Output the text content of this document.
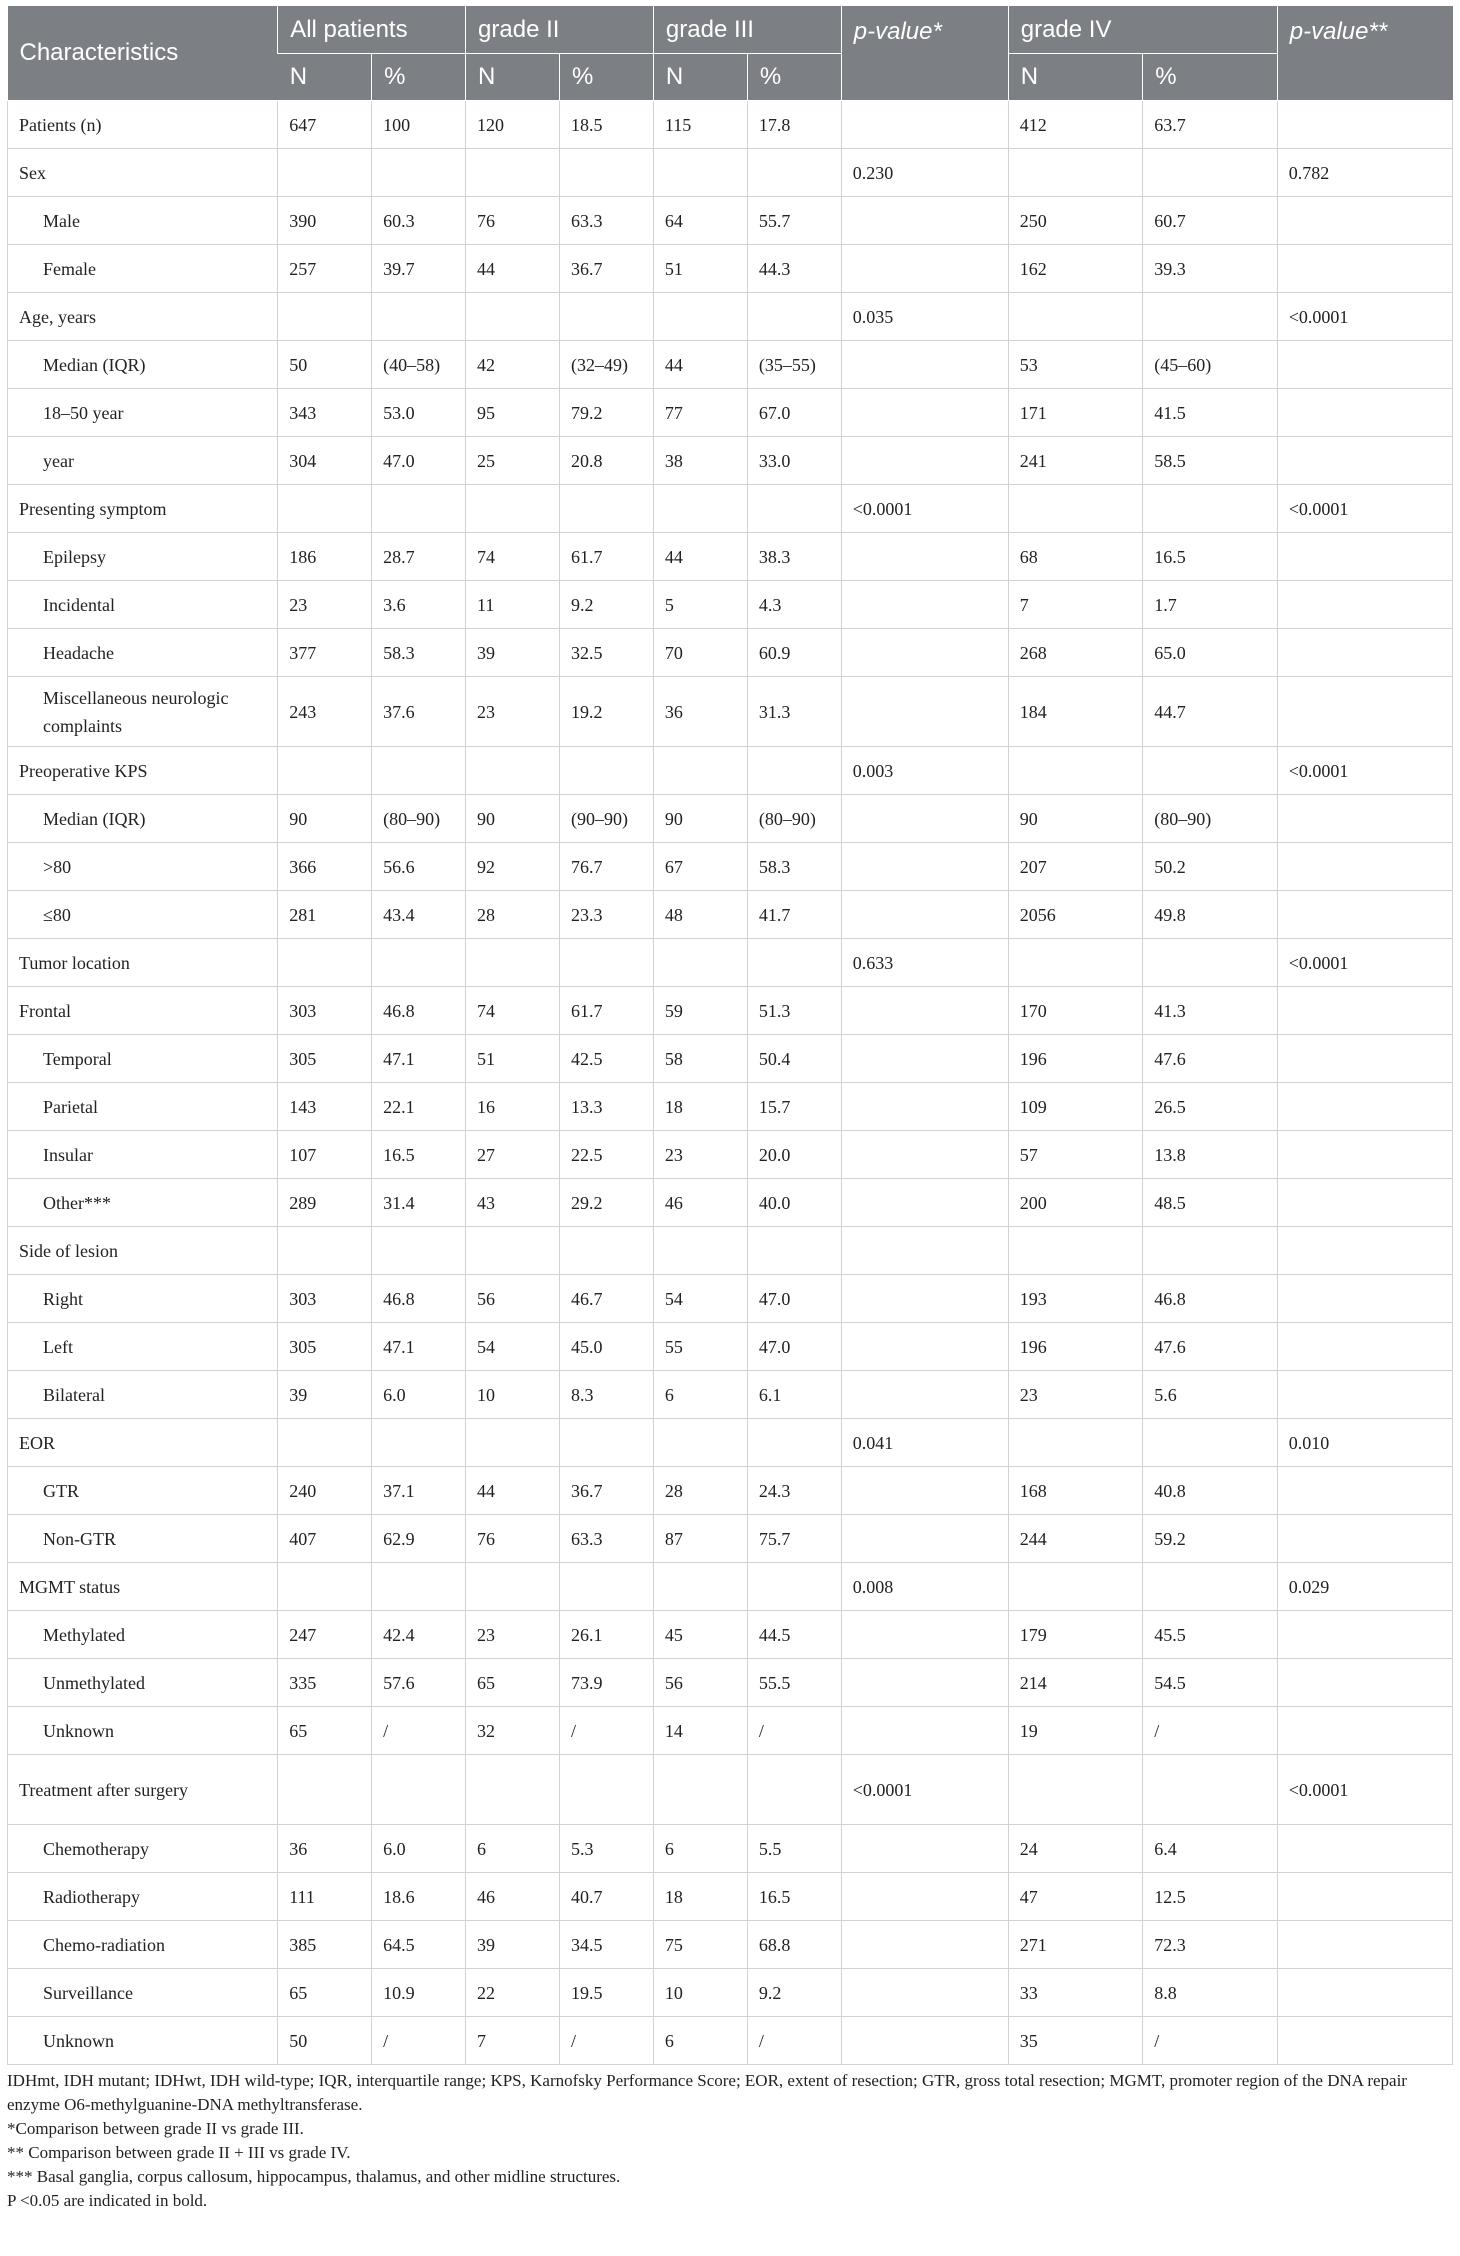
Characteristics	All patients		grade II		grade III		p-value*	grade IV		p-value**
	N	%	N	%	N	%		N	%	
Patients (n)	647	100	120	18.5	115	17.8		412	63.7	
Sex							0.230			0.782
Male	390	60.3	76	63.3	64	55.7		250	60.7	
Female	257	39.7	44	36.7	51	44.3		162	39.3	
Age, years							0.035			<0.0001
Median (IQR)	50	(40–58)	42	(32–49)	44	(35–55)		53	(45–60)	
18–50 year	343	53.0	95	79.2	77	67.0		171	41.5	
year	304	47.0	25	20.8	38	33.0		241	58.5	
Presenting symptom							<0.0001			<0.0001
Epilepsy	186	28.7	74	61.7	44	38.3		68	16.5	
Incidental	23	3.6	11	9.2	5	4.3		7	1.7	
Headache	377	58.3	39	32.5	70	60.9		268	65.0	
Miscellaneous neurologic complaints	243	37.6	23	19.2	36	31.3		184	44.7	
Preoperative KPS							0.003			<0.0001
Median (IQR)	90	(80–90)	90	(90–90)	90	(80–90)		90	(80–90)	
>80	366	56.6	92	76.7	67	58.3		207	50.2	
≤80	281	43.4	28	23.3	48	41.7		2056	49.8	
Tumor location							0.633			<0.0001
Frontal	303	46.8	74	61.7	59	51.3		170	41.3	
Temporal	305	47.1	51	42.5	58	50.4		196	47.6	
Parietal	143	22.1	16	13.3	18	15.7		109	26.5	
Insular	107	16.5	27	22.5	23	20.0		57	13.8	
Other***	289	31.4	43	29.2	46	40.0		200	48.5	
Side of lesion										
Right	303	46.8	56	46.7	54	47.0		193	46.8	
Left	305	47.1	54	45.0	55	47.0		196	47.6	
Bilateral	39	6.0	10	8.3	6	6.1		23	5.6	
EOR							0.041			0.010
GTR	240	37.1	44	36.7	28	24.3		168	40.8	
Non-GTR	407	62.9	76	63.3	87	75.7		244	59.2	
MGMT status							0.008			0.029
Methylated	247	42.4	23	26.1	45	44.5		179	45.5	
Unmethylated	335	57.6	65	73.9	56	55.5		214	54.5	
Unknown	65	/	32	/	14	/		19	/	
Treatment after surgery							<0.0001			<0.0001
Chemotherapy	36	6.0	6	5.3	6	5.5		24	6.4	
Radiotherapy	111	18.6	46	40.7	18	16.5		47	12.5	
Chemo-radiation	385	64.5	39	34.5	75	68.8		271	72.3	
Surveillance	65	10.9	22	19.5	10	9.2		33	8.8	
Unknown	50	/	7	/	6	/		35	/	
IDHmt, IDH mutant; IDHwt, IDH wild-type; IQR, interquartile range; KPS, Karnofsky Performance Score; EOR, extent of resection; GTR, gross total resection; MGMT, promoter region of the DNA repair enzyme O6-methylguanine-DNA methyltransferase.
*Comparison between grade II vs grade III.
** Comparison between grade II + III vs grade IV.
*** Basal ganglia, corpus callosum, hippocampus, thalamus, and other midline structures.
P <0.05 are indicated in bold.
